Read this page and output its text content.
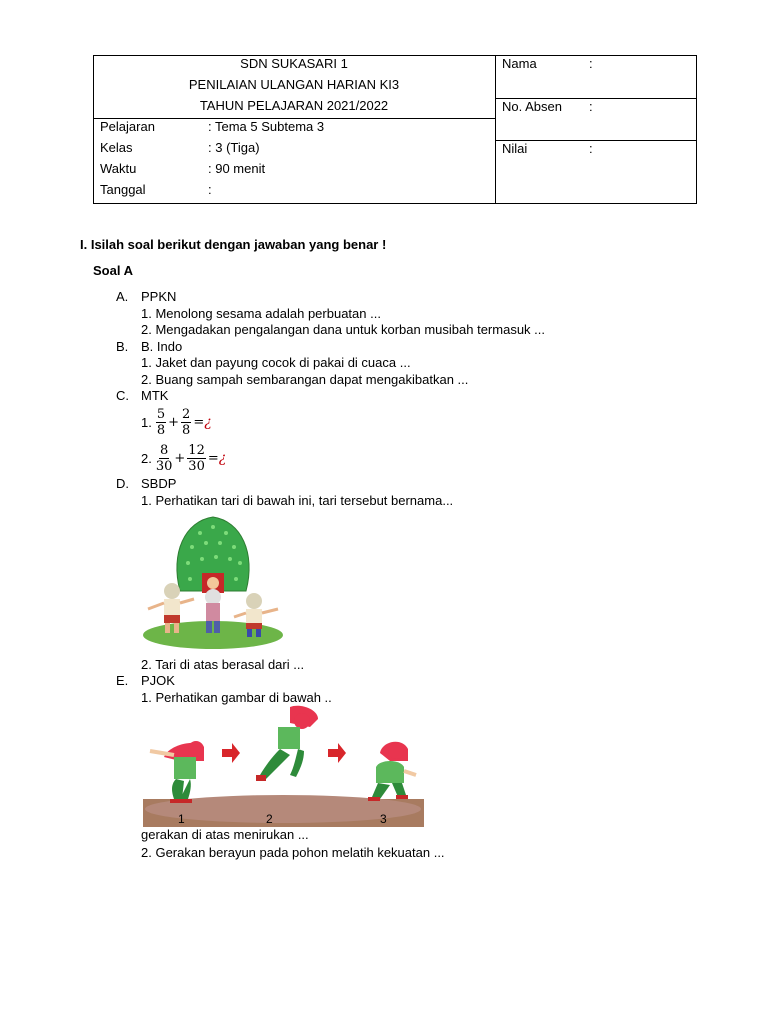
SDN SUKASARI 1
PENILAIAN ULANGAN HARIAN KI3
TAHUN PELAJARAN 2021/2022
Pelajaran	: Tema 5 Subtema 3
Kelas	: 3 (Tiga)
Waktu	: 90 menit
Tanggal	:
Nama	:
No. Absen :
Nilai	:
I. Isilah soal berikut dengan jawaban yang benar !
Soal A
A. PPKN
1. Menolong sesama adalah perbuatan ...
2. Mengadakan pengalangan dana untuk korban musibah termasuk ...
B. B. Indo
1. Jaket dan payung cocok di pakai di cuaca ...
2. Buang sampah sembarangan dapat mengakibatkan ...
C. MTK
1. $\frac{5}{8} + \frac{2}{8}$ = ¿
2. $\frac{8}{30} + \frac{12}{30}$ = ¿
D. SBDP
1. Perhatikan tari di bawah ini, tari tersebut bernama...
2. Tari di atas berasal dari ...
E. PJOK
1. Perhatikan gambar di bawah ..
1	2	3
gerakan di atas menirukan ...
2. Gerakan berayun pada pohon melatih kekuatan ...
